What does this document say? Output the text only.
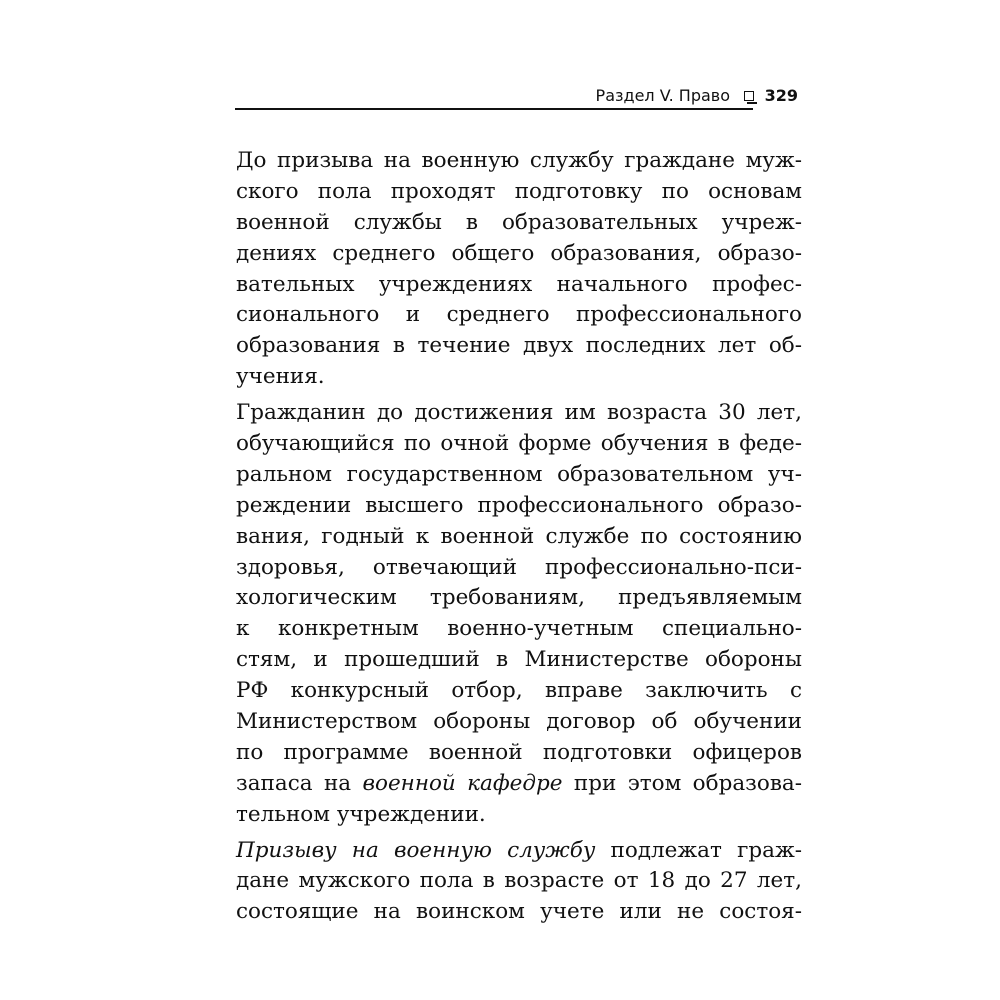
Раздел V. Право 329
До призыва на военную службу граждане муж-
ского пола проходят подготовку по основам
военной службы в образовательных учреж-
дениях среднего общего образования, образо-
вательных учреждениях начального профес-
сионального и среднего профессионального
образования в течение двух последних лет об-
учения.
Гражданин до достижения им возраста 30 лет,
обучающийся по очной форме обучения в феде-
ральном государственном образовательном уч-
реждении высшего профессионального образо-
вания, годный к военной службе по состоянию
здоровья, отвечающий профессионально-пси-
хологическим требованиям, предъявляемым
к конкретным военно-учетным специально-
стям, и прошедший в Министерстве обороны
РФ конкурсный отбор, вправе заключить с
Министерством обороны договор об обучении
по программе военной подготовки офицеров
запаса на военной кафедре при этом образова-
тельном учреждении.
Призыву на военную службу подлежат граж-
дане мужского пола в возрасте от 18 до 27 лет,
состоящие на воинском учете или не состоя-
